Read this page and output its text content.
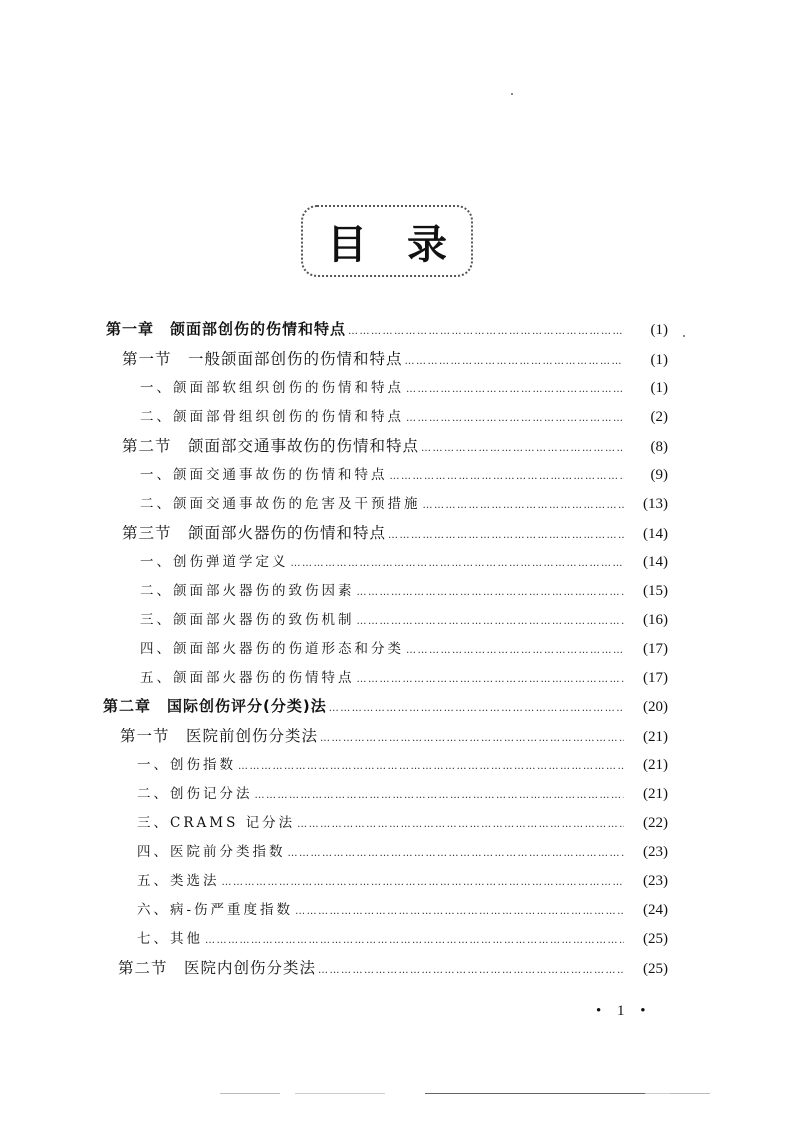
目 录
第一章　颌面部创伤的伤情和特点 …………………………………………………………………………………………………………………………………………………………	(1)
第一节　一般颌面部创伤的伤情和特点 …………………………………………………………………………………………………………………………………………………………	(1)
一、颌面部软组织创伤的伤情和特点 …………………………………………………………………………………………………………………………………………………………	(1)
二、颌面部骨组织创伤的伤情和特点 …………………………………………………………………………………………………………………………………………………………	(2)
第二节　颌面部交通事故伤的伤情和特点 …………………………………………………………………………………………………………………………………………………………	(8)
一、颌面交通事故伤的伤情和特点 …………………………………………………………………………………………………………………………………………………………	(9)
二、颌面交通事故伤的危害及干预措施 …………………………………………………………………………………………………………………………………………………………	(13)
第三节　颌面部火器伤的伤情和特点 …………………………………………………………………………………………………………………………………………………………	(14)
一、创伤弹道学定义 …………………………………………………………………………………………………………………………………………………………	(14)
二、颌面部火器伤的致伤因素 …………………………………………………………………………………………………………………………………………………………	(15)
三、颌面部火器伤的致伤机制 …………………………………………………………………………………………………………………………………………………………	(16)
四、颌面部火器伤的伤道形态和分类 …………………………………………………………………………………………………………………………………………………………	(17)
五、颌面部火器伤的伤情特点 …………………………………………………………………………………………………………………………………………………………	(17)
第二章　国际创伤评分(分类)法 …………………………………………………………………………………………………………………………………………………………	(20)
第一节　医院前创伤分类法 …………………………………………………………………………………………………………………………………………………………	(21)
一、创伤指数 …………………………………………………………………………………………………………………………………………………………	(21)
二、创伤记分法 …………………………………………………………………………………………………………………………………………………………	(21)
三、CRAMS 记分法 …………………………………………………………………………………………………………………………………………………………	(22)
四、医院前分类指数 …………………………………………………………………………………………………………………………………………………………	(23)
五、类选法 …………………………………………………………………………………………………………………………………………………………	(23)
六、病-伤严重度指数 …………………………………………………………………………………………………………………………………………………………	(24)
七、其他 …………………………………………………………………………………………………………………………………………………………	(25)
第二节　医院内创伤分类法 …………………………………………………………………………………………………………………………………………………………	(25)
• 1 •
